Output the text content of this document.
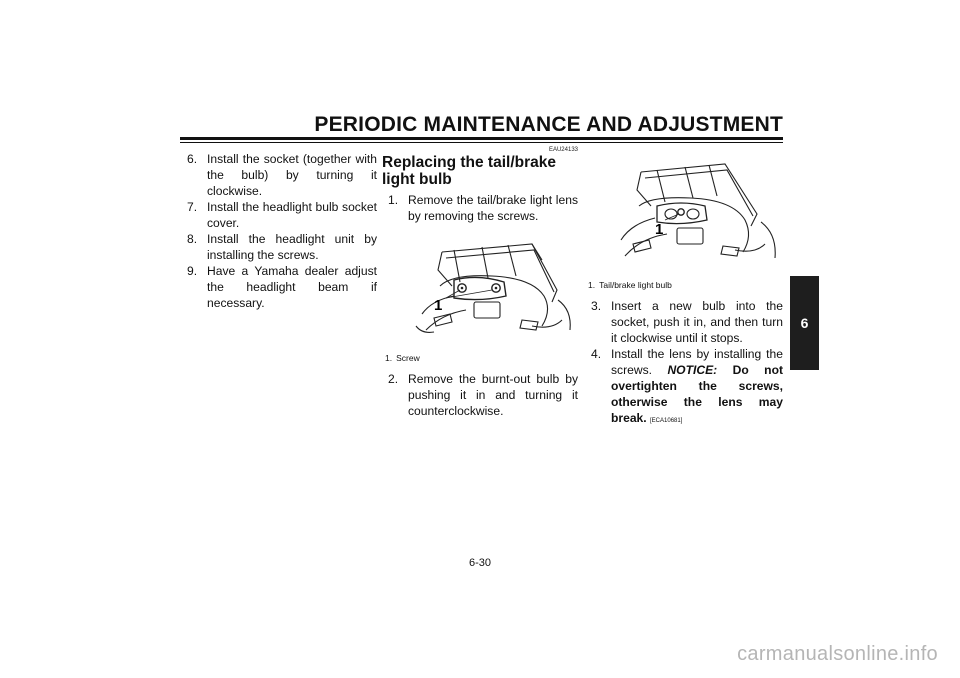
PERIODIC MAINTENANCE AND ADJUSTMENT
6
6. Install the socket (together with the bulb) by turning it clockwise.
7. Install the headlight bulb socket cover.
8. Install the headlight unit by installing the screws.
9. Have a Yamaha dealer adjust the headlight beam if necessary.
EAU24133
Replacing the tail/brake light bulb
1. Remove the tail/brake light lens by removing the screws.
1
1. Screw
2. Remove the burnt-out bulb by pushing it in and turning it counterclockwise.
1
1. Tail/brake light bulb
3. Insert a new bulb into the socket, push it in, and then turn it clockwise until it stops.
4. Install the lens by installing the screws. NOTICE: Do not overtighten the screws, otherwise the lens may break. [ECA10681]
6-30
carmanualsonline.info
